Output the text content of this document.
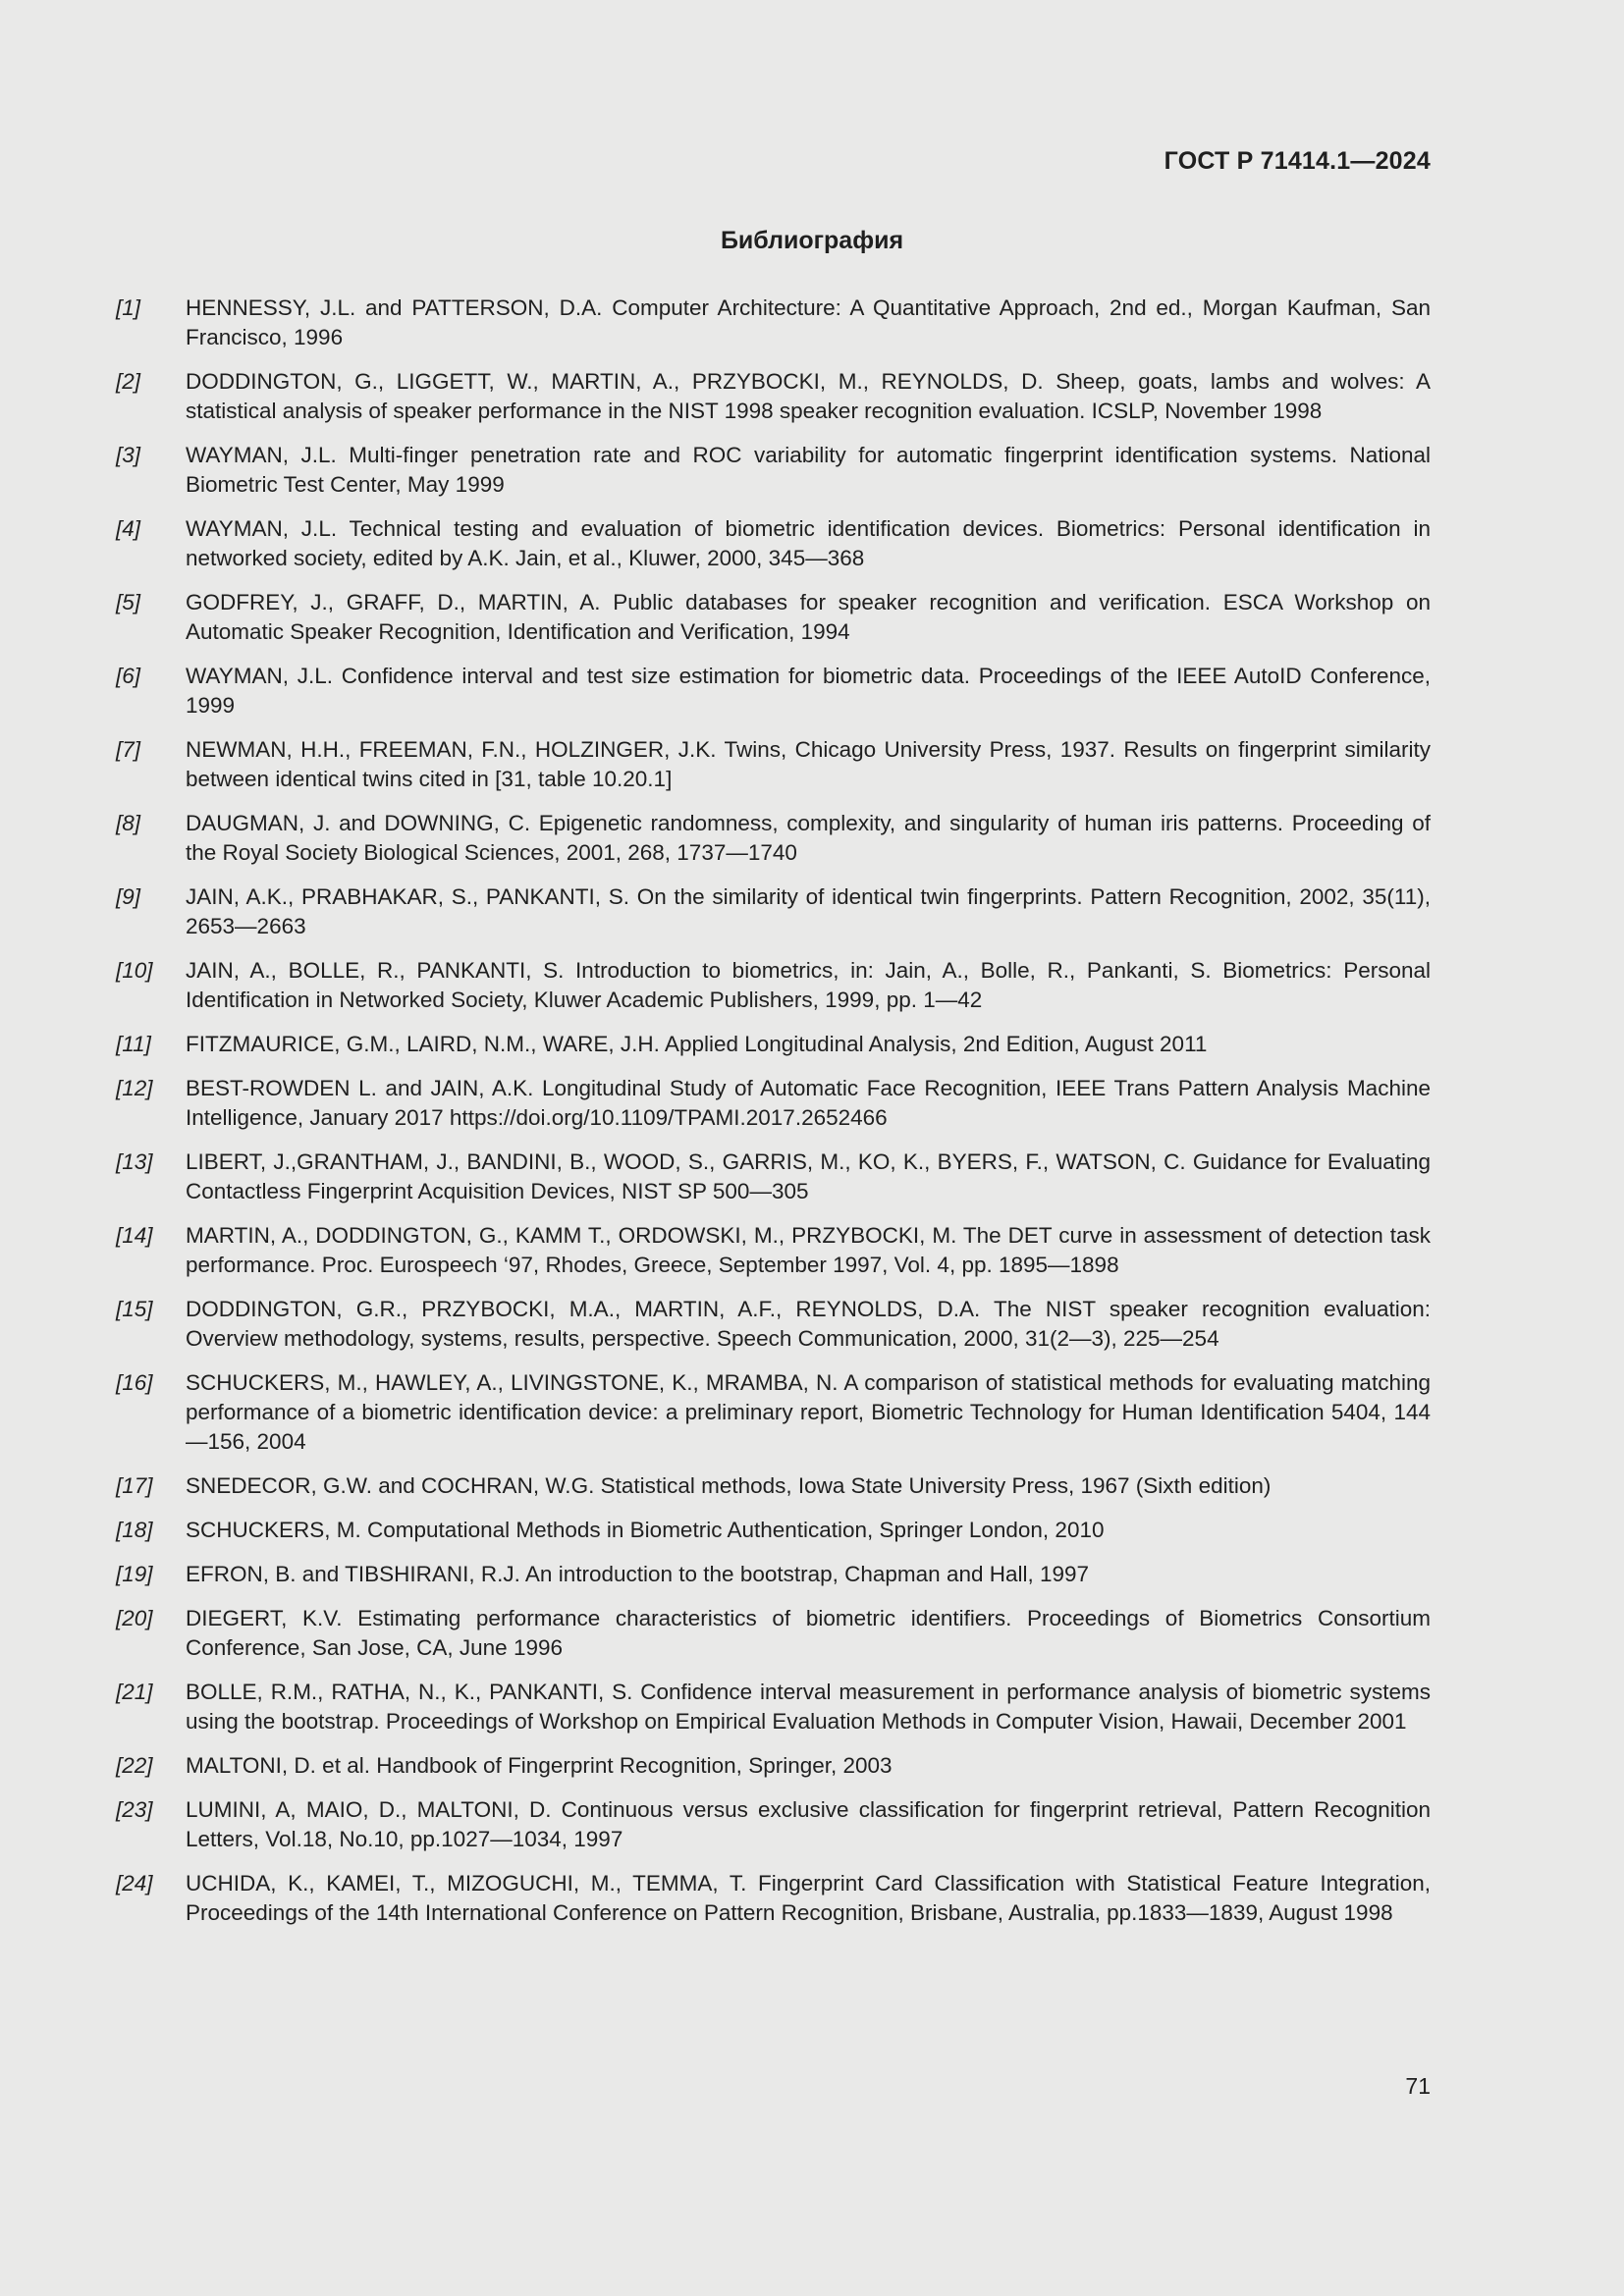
ГОСТ Р 71414.1—2024
Библиография
[1]	HENNESSY, J.L. and PATTERSON, D.A. Computer Architecture: A Quantitative Approach, 2nd ed., Morgan Kaufman, San Francisco, 1996
[2]	DODDINGTON, G., LIGGETT, W., MARTIN, A., PRZYBOCKI, M., REYNOLDS, D. Sheep, goats, lambs and wolves: A statistical analysis of speaker performance in the NIST 1998 speaker recognition evaluation. ICSLP, November 1998
[3]	WAYMAN, J.L. Multi-finger penetration rate and ROC variability for automatic fingerprint identification systems. National Biometric Test Center, May 1999
[4]	WAYMAN, J.L. Technical testing and evaluation of biometric identification devices. Biometrics: Personal identification in networked society, edited by A.K. Jain, et al., Kluwer, 2000, 345—368
[5]	GODFREY, J., GRAFF, D., MARTIN, A. Public databases for speaker recognition and verification. ESCA Workshop on Automatic Speaker Recognition, Identification and Verification, 1994
[6]	WAYMAN, J.L. Confidence interval and test size estimation for biometric data. Proceedings of the IEEE AutoID Conference, 1999
[7]	NEWMAN, H.H., FREEMAN, F.N., HOLZINGER, J.K. Twins, Chicago University Press, 1937. Results on fingerprint similarity between identical twins cited in [31, table 10.20.1]
[8]	DAUGMAN, J. and DOWNING, C. Epigenetic randomness, complexity, and singularity of human iris patterns. Proceeding of the Royal Society Biological Sciences, 2001, 268, 1737—1740
[9]	JAIN, A.K., PRABHAKAR, S., PANKANTI, S. On the similarity of identical twin fingerprints. Pattern Recognition, 2002, 35(11), 2653—2663
[10]	JAIN, A., BOLLE, R., PANKANTI, S. Introduction to biometrics, in: Jain, A., Bolle, R., Pankanti, S. Biometrics: Personal Identification in Networked Society, Kluwer Academic Publishers, 1999, pp. 1—42
[11]	FITZMAURICE, G.M., LAIRD, N.M., WARE, J.H. Applied Longitudinal Analysis, 2nd Edition, August 2011
[12]	BEST-ROWDEN L. and JAIN, A.K. Longitudinal Study of Automatic Face Recognition, IEEE Trans Pattern Analysis Machine Intelligence, January 2017 https://doi.org/10.1109/TPAMI.2017.2652466
[13]	LIBERT, J.,GRANTHAM, J., BANDINI, B., WOOD, S., GARRIS, M., KO, K., BYERS, F., WATSON, C. Guidance for Evaluating Contactless Fingerprint Acquisition Devices, NIST SP 500—305
[14]	MARTIN, A., DODDINGTON, G., KAMM T., ORDOWSKI, M., PRZYBOCKI, M. The DET curve in assessment of detection task performance. Proc. Eurospeech ‘97, Rhodes, Greece, September 1997, Vol. 4, pp. 1895—1898
[15]	DODDINGTON, G.R., PRZYBOCKI, M.A., MARTIN, A.F., REYNOLDS, D.A. The NIST speaker recognition evaluation: Overview methodology, systems, results, perspective. Speech Communication, 2000, 31(2—3), 225—254
[16]	SCHUCKERS, M., HAWLEY, A., LIVINGSTONE, K., MRAMBA, N. A comparison of statistical methods for evaluating matching performance of a biometric identification device: a preliminary report, Biometric Technology for Human Identification 5404, 144—156, 2004
[17]	SNEDECOR, G.W. and COCHRAN, W.G. Statistical methods, Iowa State University Press, 1967 (Sixth edition)
[18]	SCHUCKERS, M. Computational Methods in Biometric Authentication, Springer London, 2010
[19]	EFRON, B. and TIBSHIRANI, R.J. An introduction to the bootstrap, Chapman and Hall, 1997
[20]	DIEGERT, K.V. Estimating performance characteristics of biometric identifiers. Proceedings of Biometrics Consortium Conference, San Jose, CA, June 1996
[21]	BOLLE, R.M., RATHA, N., K., PANKANTI, S. Confidence interval measurement in performance analysis of biometric systems using the bootstrap. Proceedings of Workshop on Empirical Evaluation Methods in Computer Vision, Hawaii, December 2001
[22]	MALTONI, D. et al. Handbook of Fingerprint Recognition, Springer, 2003
[23]	LUMINI, A, MAIO, D., MALTONI, D. Continuous versus exclusive classification for fingerprint retrieval, Pattern Recognition Letters, Vol.18, No.10, pp.1027—1034, 1997
[24]	UCHIDA, K., KAMEI, T., MIZOGUCHI, M., TEMMA, T. Fingerprint Card Classification with Statistical Feature Integration, Proceedings of the 14th International Conference on Pattern Recognition, Brisbane, Australia, pp.1833—1839, August 1998
71
